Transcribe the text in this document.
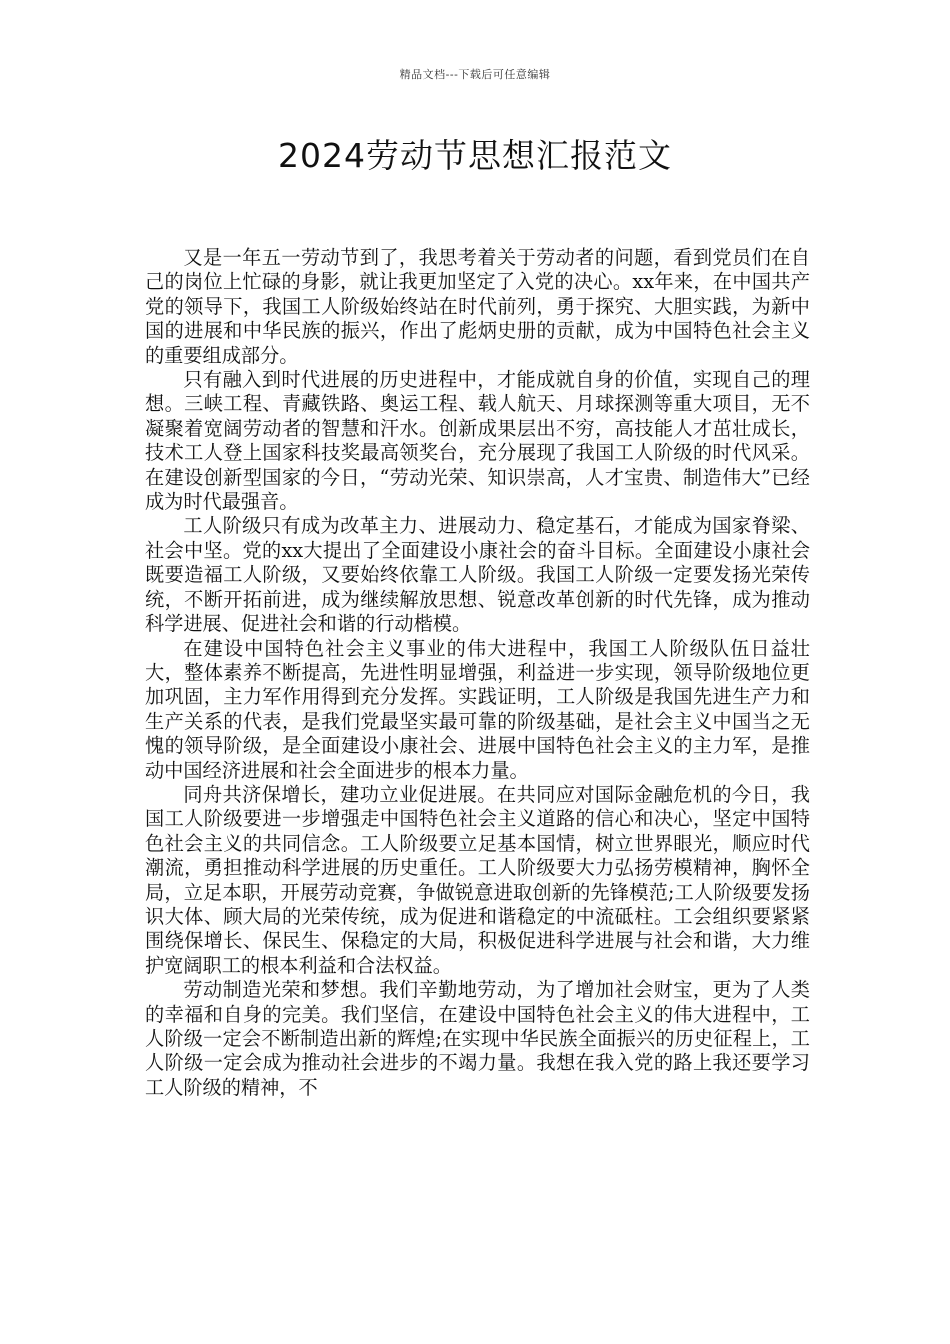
精品文档---下载后可任意编辑
2024劳动节思想汇报范文

又是一年五一劳动节到了，我思考着关于劳动者的问题，看到党员们在自己的岗位上忙碌的身影，就让我更加坚定了入党的决心。xx年来，在中国共产党的领导下，我国工人阶级始终站在时代前列，勇于探究、大胆实践，为新中国的进展和中华民族的振兴，作出了彪炳史册的贡献，成为中国特色社会主义的重要组成部分。

只有融入到时代进展的历史进程中，才能成就自身的价值，实现自己的理想。三峡工程、青藏铁路、奥运工程、载人航天、月球探测等重大项目，无不凝聚着宽阔劳动者的智慧和汗水。创新成果层出不穷，高技能人才茁壮成长，技术工人登上国家科技奖最高领奖台，充分展现了我国工人阶级的时代风采。在建设创新型国家的今日，“劳动光荣、知识崇高，人才宝贵、制造伟大”已经成为时代最强音。

工人阶级只有成为改革主力、进展动力、稳定基石，才能成为国家脊梁、社会中坚。党的xx大提出了全面建设小康社会的奋斗目标。全面建设小康社会既要造福工人阶级，又要始终依靠工人阶级。我国工人阶级一定要发扬光荣传统，不断开拓前进，成为继续解放思想、锐意改革创新的时代先锋，成为推动科学进展、促进社会和谐的行动楷模。

在建设中国特色社会主义事业的伟大进程中，我国工人阶级队伍日益壮大，整体素养不断提高，先进性明显增强，利益进一步实现，领导阶级地位更加巩固，主力军作用得到充分发挥。实践证明，工人阶级是我国先进生产力和生产关系的代表，是我们党最坚实最可靠的阶级基础，是社会主义中国当之无愧的领导阶级，是全面建设小康社会、进展中国特色社会主义的主力军，是推动中国经济进展和社会全面进步的根本力量。

同舟共济保增长，建功立业促进展。在共同应对国际金融危机的今日，我国工人阶级要进一步增强走中国特色社会主义道路的信心和决心，坚定中国特色社会主义的共同信念。工人阶级要立足基本国情，树立世界眼光，顺应时代潮流，勇担推动科学进展的历史重任。工人阶级要大力弘扬劳模精神，胸怀全局，立足本职，开展劳动竞赛，争做锐意进取创新的先锋模范;工人阶级要发扬识大体、顾大局的光荣传统，成为促进和谐稳定的中流砥柱。工会组织要紧紧围绕保增长、保民生、保稳定的大局，积极促进科学进展与社会和谐，大力维护宽阔职工的根本利益和合法权益。

劳动制造光荣和梦想。我们辛勤地劳动，为了增加社会财宝，更为了人类的幸福和自身的完美。我们坚信，在建设中国特色社会主义的伟大进程中，工人阶级一定会不断制造出新的辉煌;在实现中华民族全面振兴的历史征程上，工人阶级一定会成为推动社会进步的不竭力量。我想在我入党的路上我还要学习工人阶级的精神，不
